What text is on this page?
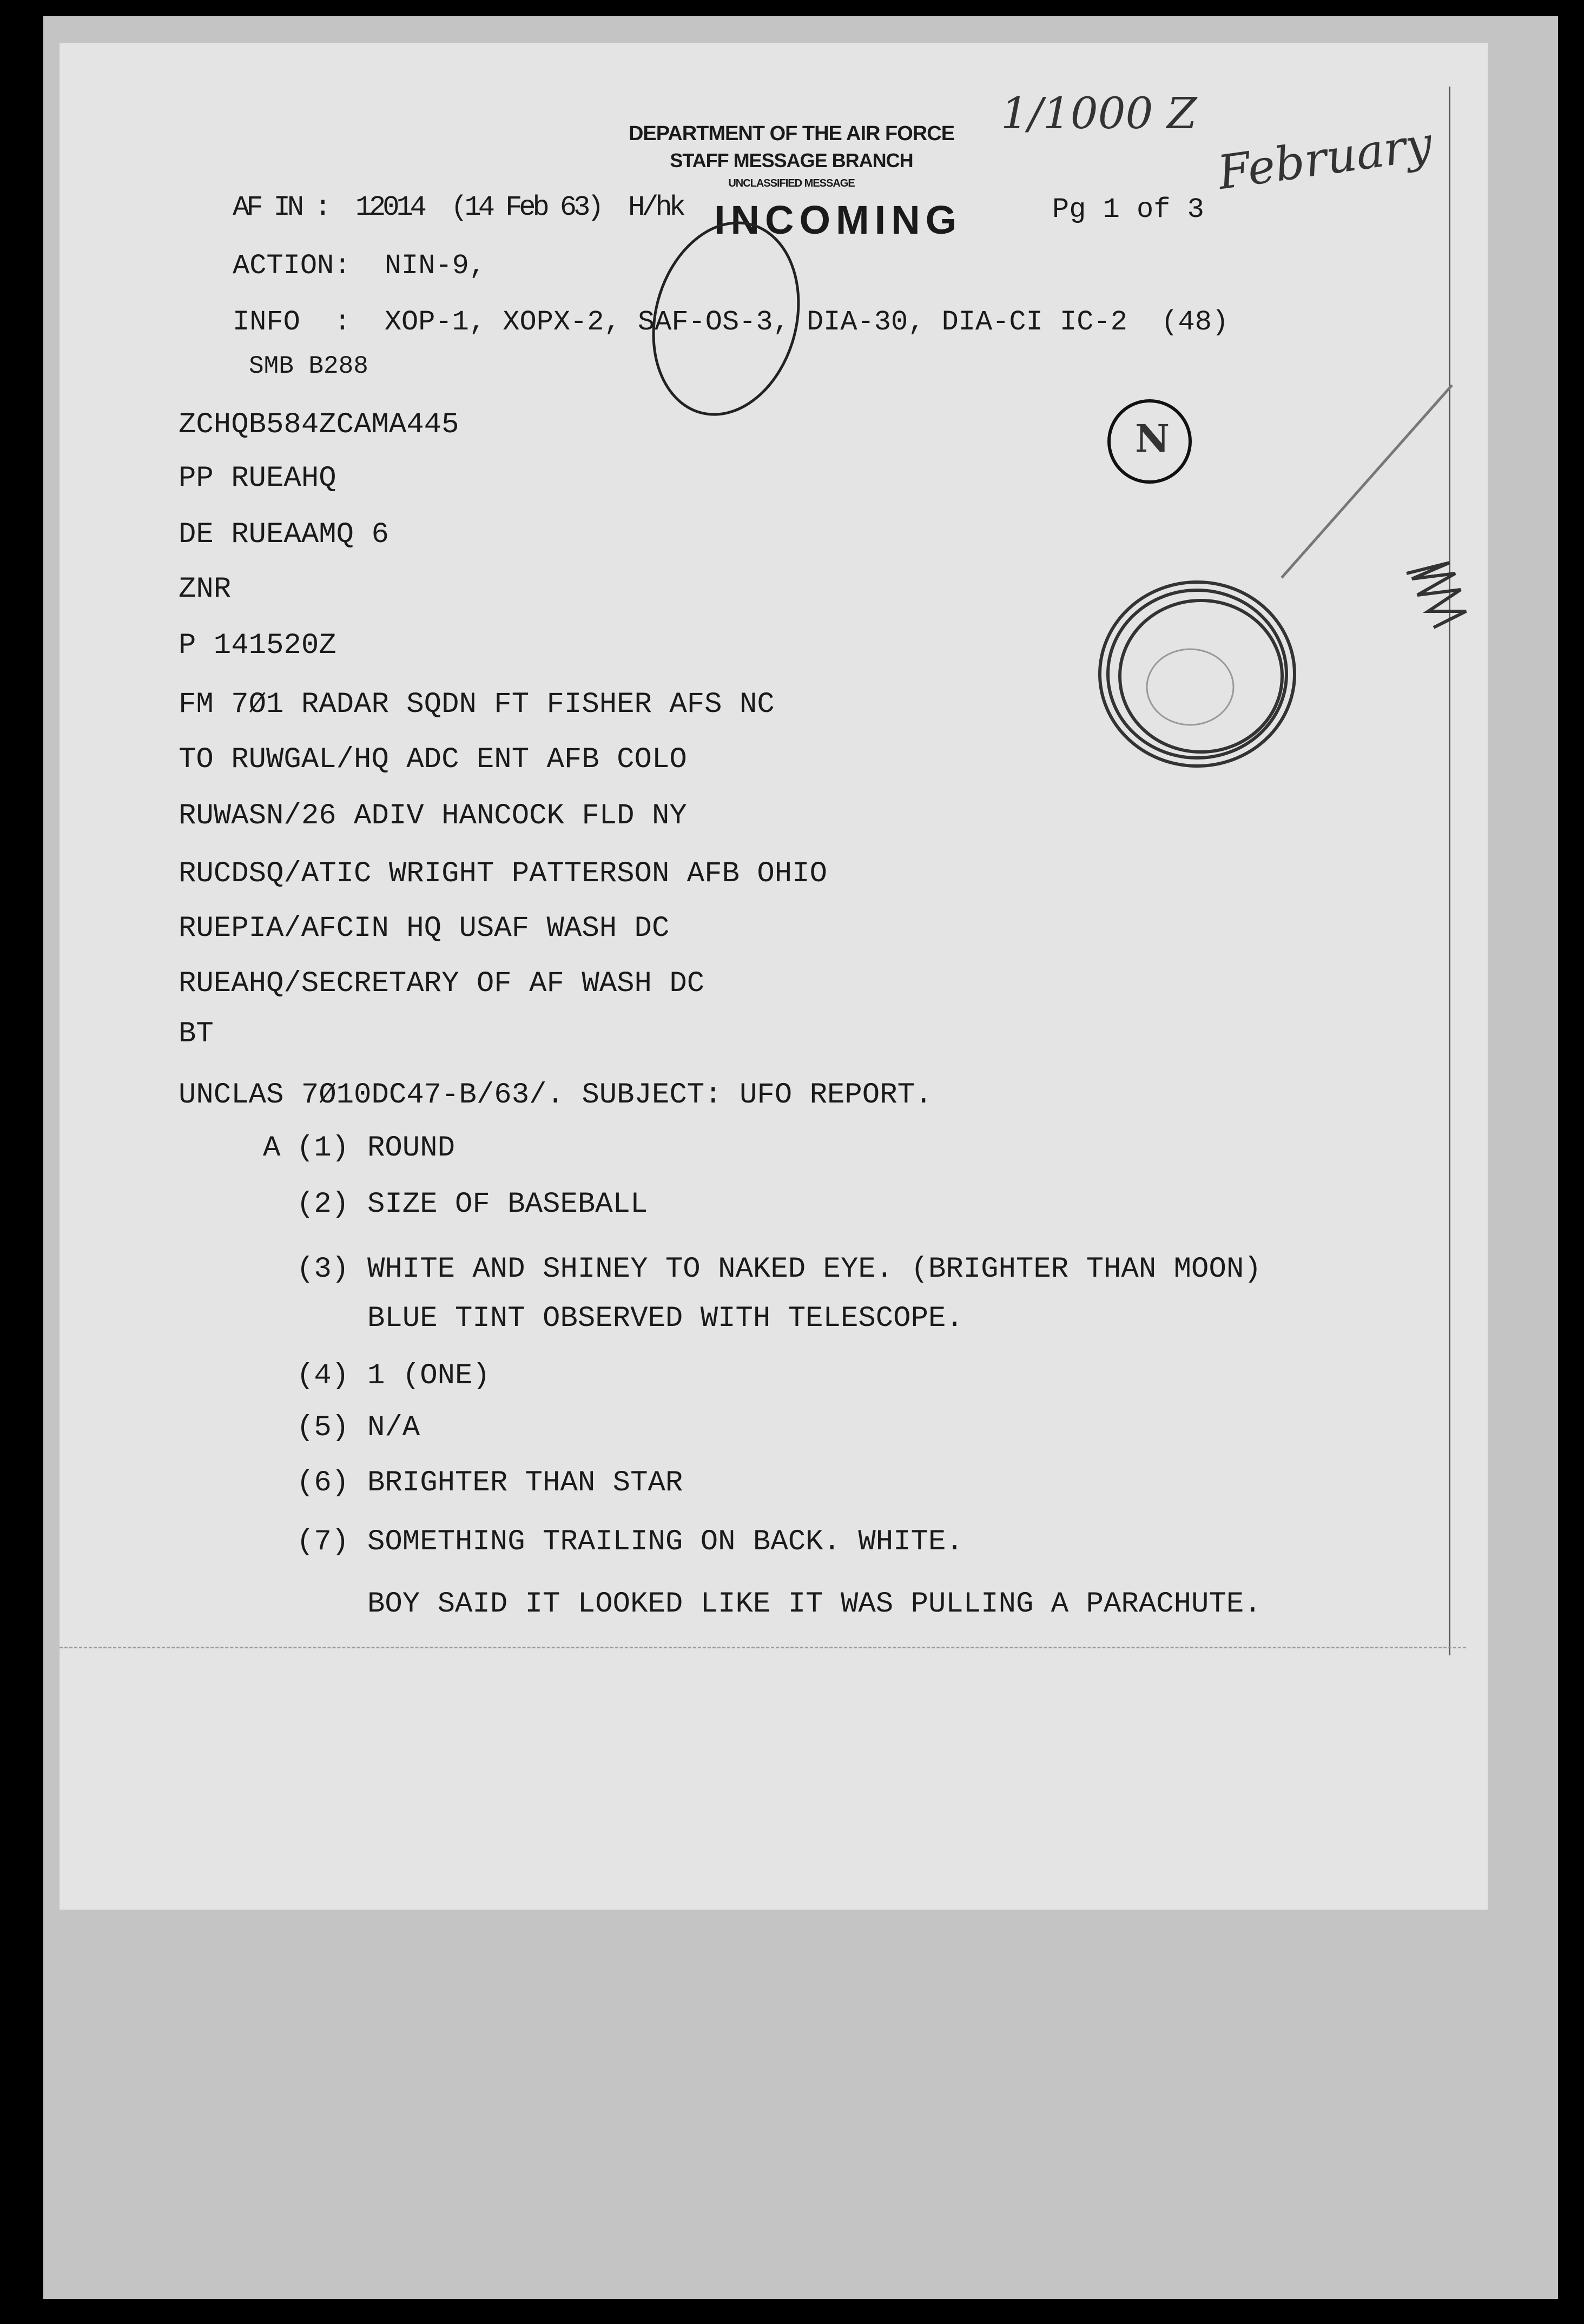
DEPARTMENT OF THE AIR FORCE
STAFF MESSAGE BRANCH
UNCLASSIFIED MESSAGE
AF IN :  12014  (14 Feb 63)  H/hk INCOMING	Pg 1 of 3
ACTION:  NIN-9,
INFO  :  XOP-1, XOPX-2, SAF-OS-3, DIA-30, DIA-CI IC-2  (48)
SMB B288
1/1000 Z
February
N
ZCHQB584ZCAMA445
PP RUEAHQ
DE RUEAAMQ 6
ZNR
P 141520Z
FM 7Ø1 RADAR SQDN FT FISHER AFS NC
TO RUWGAL/HQ ADC ENT AFB COLO
RUWASN/26 ADIV HANCOCK FLD NY
RUCDSQ/ATIC WRIGHT PATTERSON AFB OHIO
RUEPIA/AFCIN HQ USAF WASH DC
RUEAHQ/SECRETARY OF AF WASH DC
BT
UNCLAS 7Ø10DC47-B/63/. SUBJECT: UFO REPORT.
A (1) ROUND
(2) SIZE OF BASEBALL
(3) WHITE AND SHINEY TO NAKED EYE. (BRIGHTER THAN MOON)
BLUE TINT OBSERVED WITH TELESCOPE.
(4) 1 (ONE)
(5) N/A
(6) BRIGHTER THAN STAR
(7) SOMETHING TRAILING ON BACK. WHITE.
BOY SAID IT LOOKED LIKE IT WAS PULLING A PARACHUTE.
